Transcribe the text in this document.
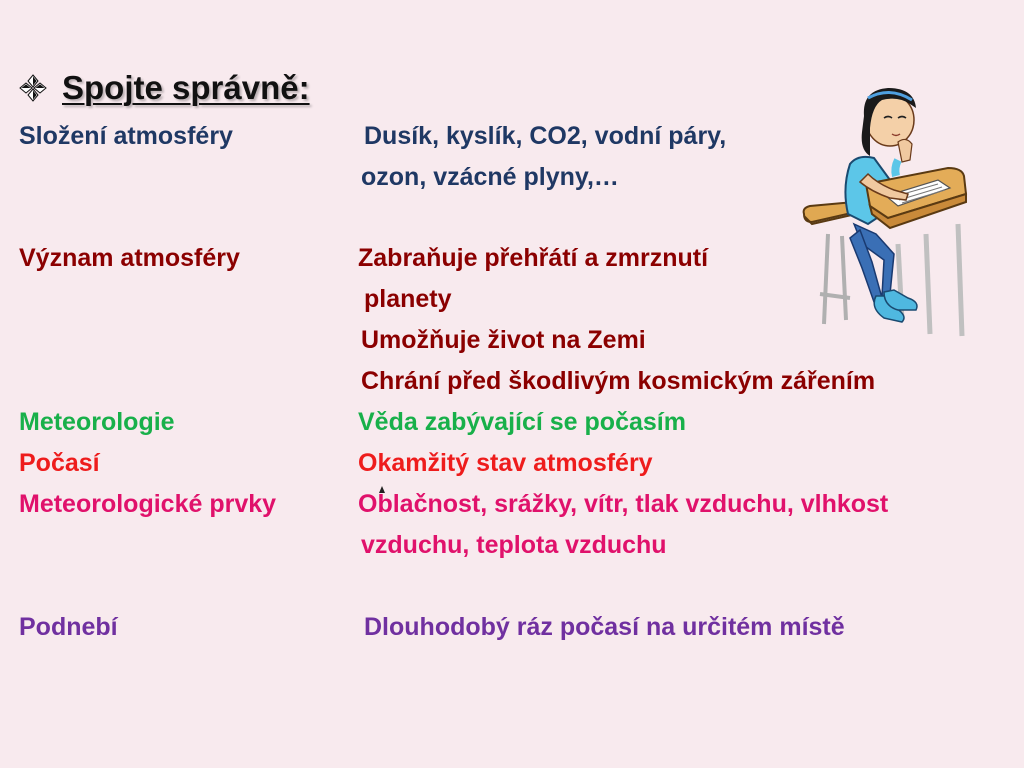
Spojte správně:
Složení atmosféry	Dusík, kyslík, CO2, vodní páry,
ozon, vzácné plyny,…
Význam atmosféry	Zabraňuje přehřátí a zmrznutí
planety
Umožňuje život na Zemi
Chrání před škodlivým kosmickým zářením
Meteorologie	Věda zabývající se počasím
Počasí	Okamžitý stav atmosféry
Meteorologické prvky	Oblačnost, srážky, vítr, tlak vzduchu, vlhkost
vzduchu, teplota vzduchu
Podnebí	Dlouhodobý ráz počasí na určitém místě
